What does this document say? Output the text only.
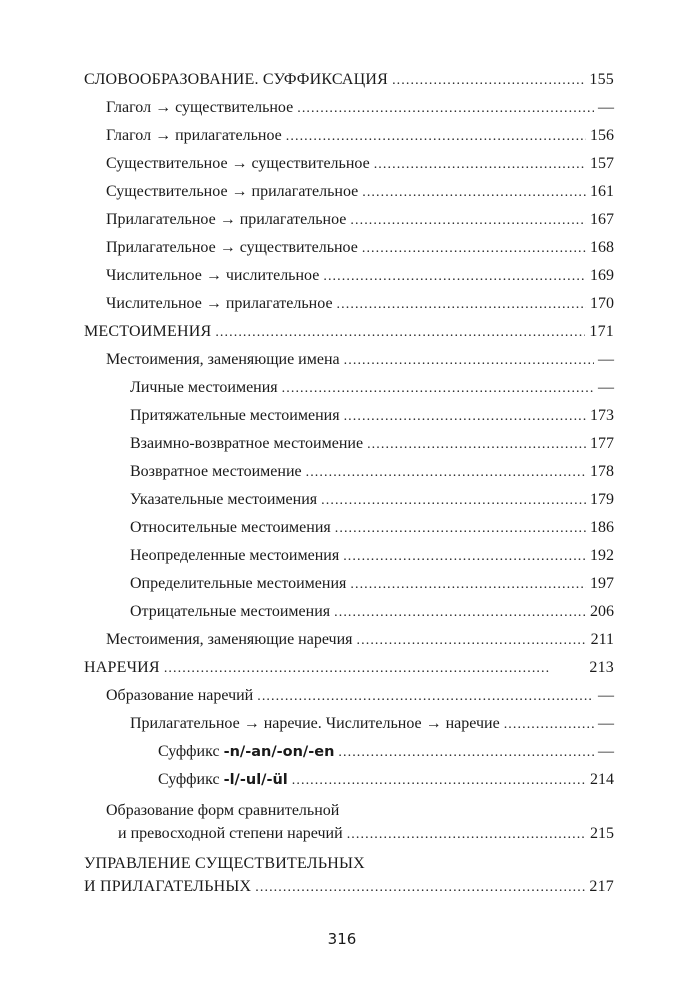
СЛОВООБРАЗОВАНИЕ. СУФФИКСАЦИЯ . . .	155
Глагол → существительное . . .	—
Глагол → прилагательное . . .	156
Существительное → существительное . . .	157
Существительное → прилагательное . . .	161
Прилагательное → прилагательное . . .	167
Прилагательное → существительное . . .	168
Числительное → числительное . . .	169
Числительное → прилагательное . . .	170
МЕСТОИМЕНИЯ . . .	171
Местоимения, заменяющие имена . . .	—
Личные местоимения . . .	—
Притяжательные местоимения . . .	173
Взаимно-возвратное местоимение . . .	177
Возвратное местоимение . . .	178
Указательные местоимения . . .	179
Относительные местоимения . . .	186
Неопределенные местоимения . . .	192
Определительные местоимения . . .	197
Отрицательные местоимения . . .	206
Местоимения, заменяющие наречия . . .	211
НАРЕЧИЯ . . .	213
Образование наречий . . .	—
Прилагательное → наречие. Числительное → наречие . . .	—
Суффикс -n/-an/-on/-en . . .	—
Суффикс -l/-ul/-ül . . .	214
Образование форм сравнительной
и превосходной степени наречий . . .	215
УПРАВЛЕНИЕ СУЩЕСТВИТЕЛЬНЫХ
И ПРИЛАГАТЕЛЬНЫХ . . .	217
316
